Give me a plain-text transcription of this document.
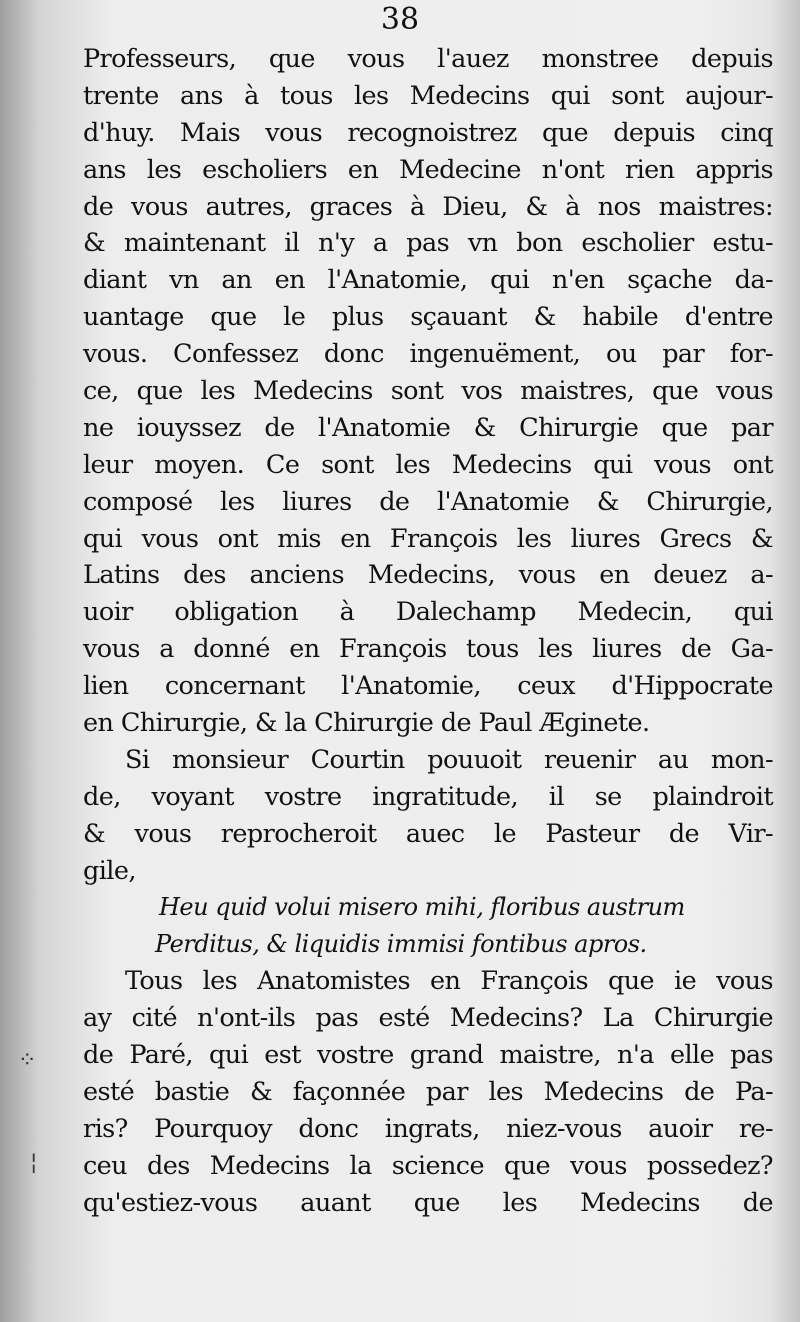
38
⁘
¦
Professeurs, que vous l'auez monstree depuis
trente ans à tous les Medecins qui sont aujour-
d'huy. Mais vous recognoistrez que depuis cinq
ans les escholiers en Medecine n'ont rien appris
de vous autres, graces à Dieu, & à nos maistres:
& maintenant il n'y a pas vn bon escholier estu-
diant vn an en l'Anatomie, qui n'en sçache da-
uantage que le plus sçauant & habile d'entre
vous. Confessez donc ingenuëment, ou par for-
ce, que les Medecins sont vos maistres, que vous
ne iouyssez de l'Anatomie & Chirurgie que par
leur moyen. Ce sont les Medecins qui vous ont
composé les liures de l'Anatomie & Chirurgie,
qui vous ont mis en François les liures Grecs &
Latins des anciens Medecins, vous en deuez a-
uoir obligation à Dalechamp Medecin, qui
vous a donné en François tous les liures de Ga-
lien concernant l'Anatomie, ceux d'Hippocrate
en Chirurgie, & la Chirurgie de Paul Æginete.
Si monsieur Courtin pouuoit reuenir au mon-
de, voyant vostre ingratitude, il se plaindroit
& vous reprocheroit auec le Pasteur de Vir-
gile,
Heu quid volui misero mihi, floribus austrum
Perditus, & liquidis immisi fontibus apros.
Tous les Anatomistes en François que ie vous
ay cité n'ont-ils pas esté Medecins? La Chirurgie
de Paré, qui est vostre grand maistre, n'a elle pas
esté bastie & façonnée par les Medecins de Pa-
ris? Pourquoy donc ingrats, niez-vous auoir re-
ceu des Medecins la science que vous possedez?
qu'estiez-vous auant que les Medecins de
